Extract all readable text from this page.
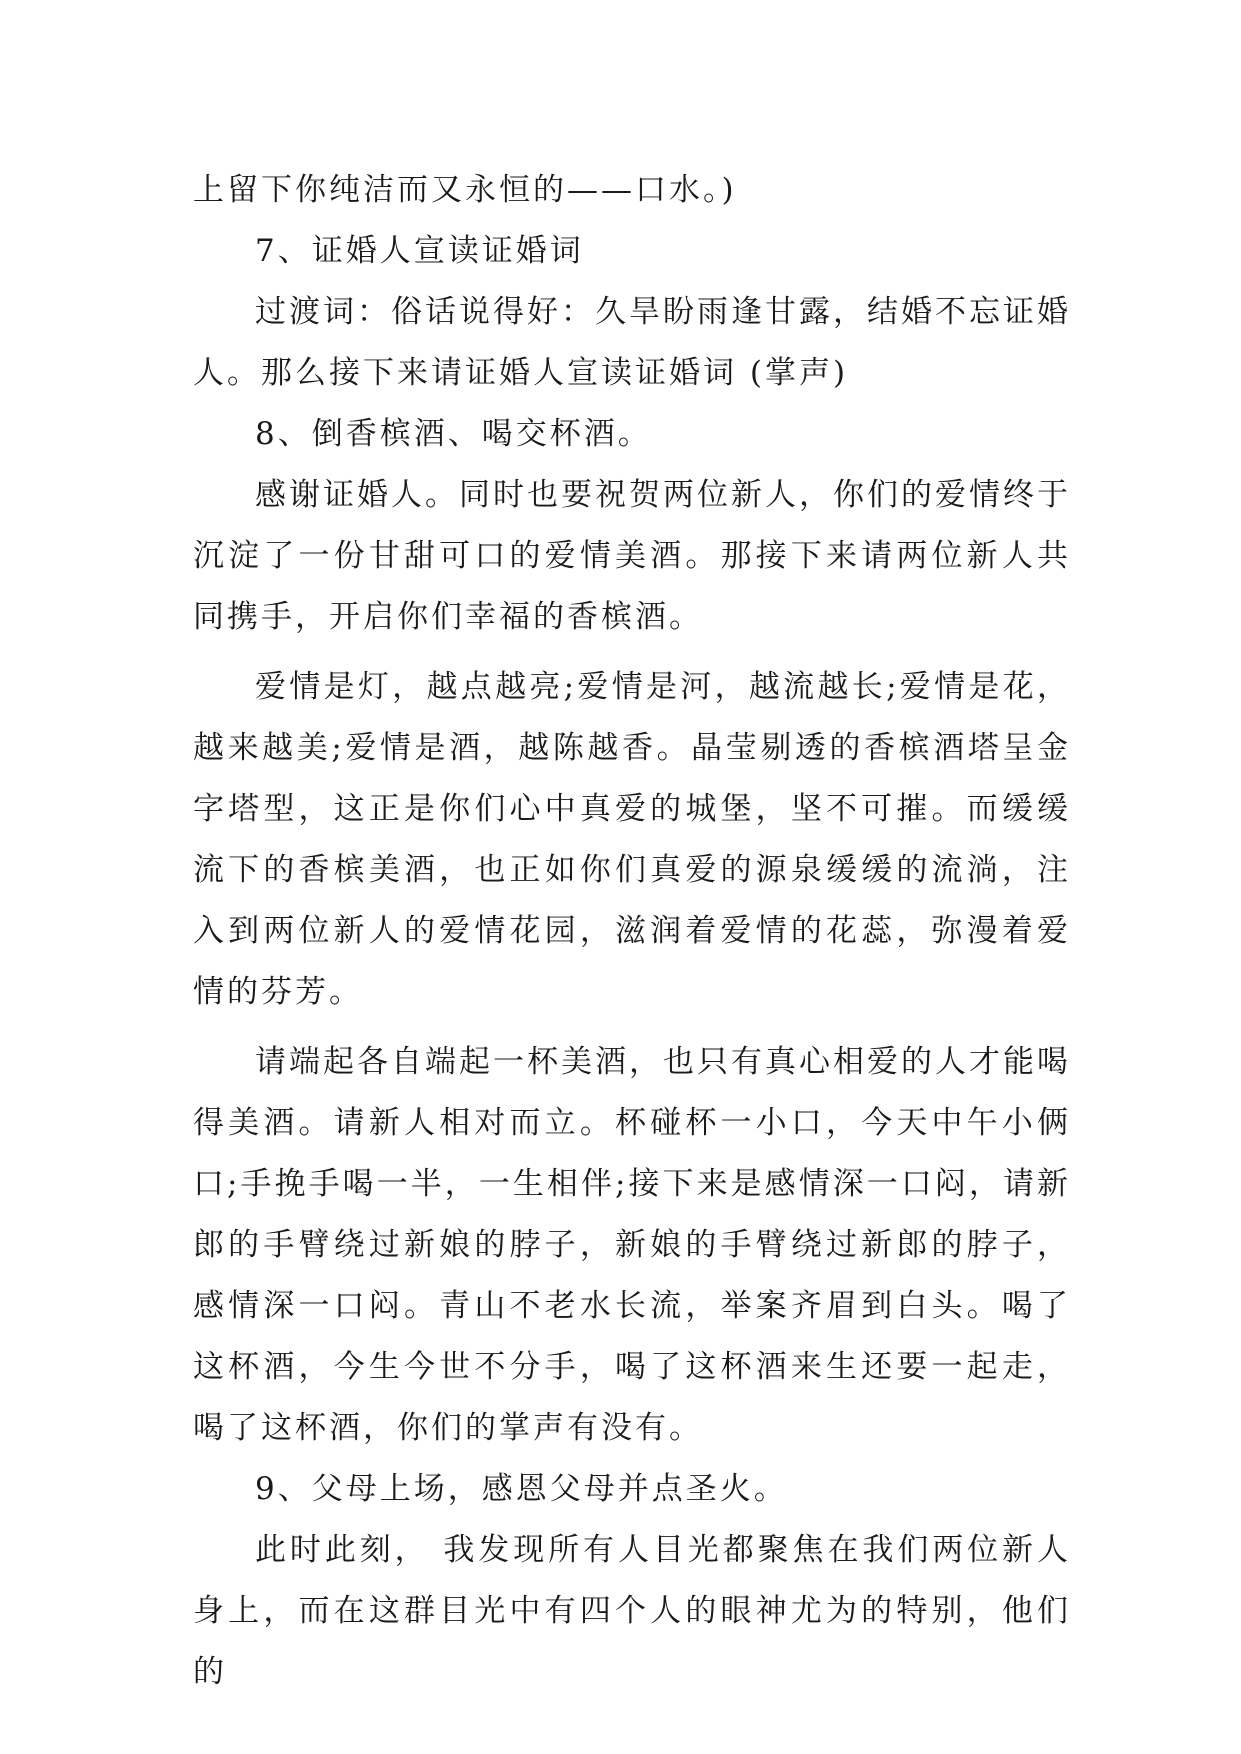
上留下你纯洁而又永恒的——口水。)

7、证婚人宣读证婚词

过渡词：俗话说得好：久旱盼雨逢甘露，结婚不忘证婚人。那么接下来请证婚人宣读证婚词 (掌声)

8、倒香槟酒、喝交杯酒。

感谢证婚人。同时也要祝贺两位新人，你们的爱情终于沉淀了一份甘甜可口的爱情美酒。那接下来请两位新人共同携手，开启你们幸福的香槟酒。

爱情是灯，越点越亮;爱情是河，越流越长;爱情是花，越来越美;爱情是酒，越陈越香。晶莹剔透的香槟酒塔呈金字塔型，这正是你们心中真爱的城堡，坚不可摧。而缓缓流下的香槟美酒，也正如你们真爱的源泉缓缓的流淌，注入到两位新人的爱情花园，滋润着爱情的花蕊，弥漫着爱情的芬芳。

请端起各自端起一杯美酒，也只有真心相爱的人才能喝得美酒。请新人相对而立。杯碰杯一小口，今天中午小俩口;手挽手喝一半，一生相伴;接下来是感情深一口闷，请新郎的手臂绕过新娘的脖子，新娘的手臂绕过新郎的脖子，感情深一口闷。青山不老水长流，举案齐眉到白头。喝了这杯酒，今生今世不分手，喝了这杯酒来生还要一起走，喝了这杯酒，你们的掌声有没有。

9、父母上场，感恩父母并点圣火。

此时此刻， 我发现所有人目光都聚焦在我们两位新人身上，而在这群目光中有四个人的眼神尤为的特别，他们的
